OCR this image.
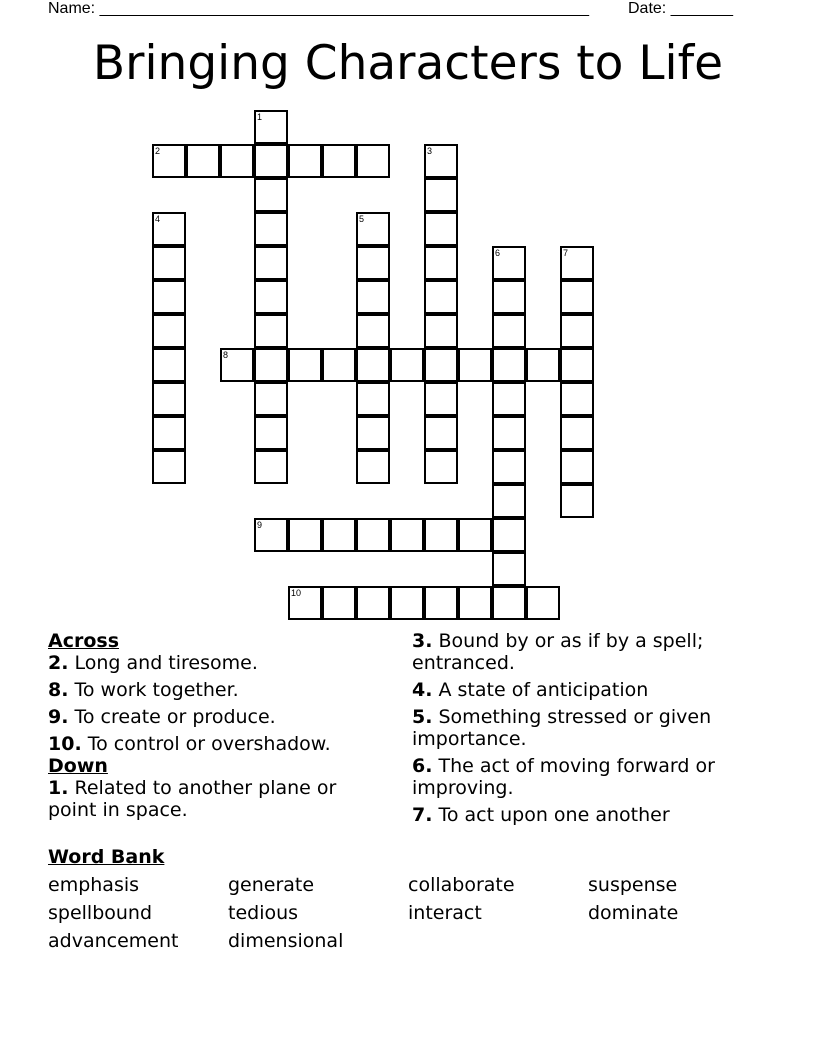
Name: _______________________________________________________ Date: _______
Bringing Characters to Life
1
2	3
4	5
6	7
8
9
10
Across
2. Long and tiresome.
8. To work together.
9. To create or produce.
10. To control or overshadow.
Down
1. Related to another plane or point in space.
3. Bound by or as if by a spell; entranced.
4. A state of anticipation
5. Something stressed or given importance.
6. The act of moving forward or improving.
7. To act upon one another
Word Bank
emphasis	generate	collaborate	suspense
spellbound	tedious	interact	dominate
advancement	dimensional
